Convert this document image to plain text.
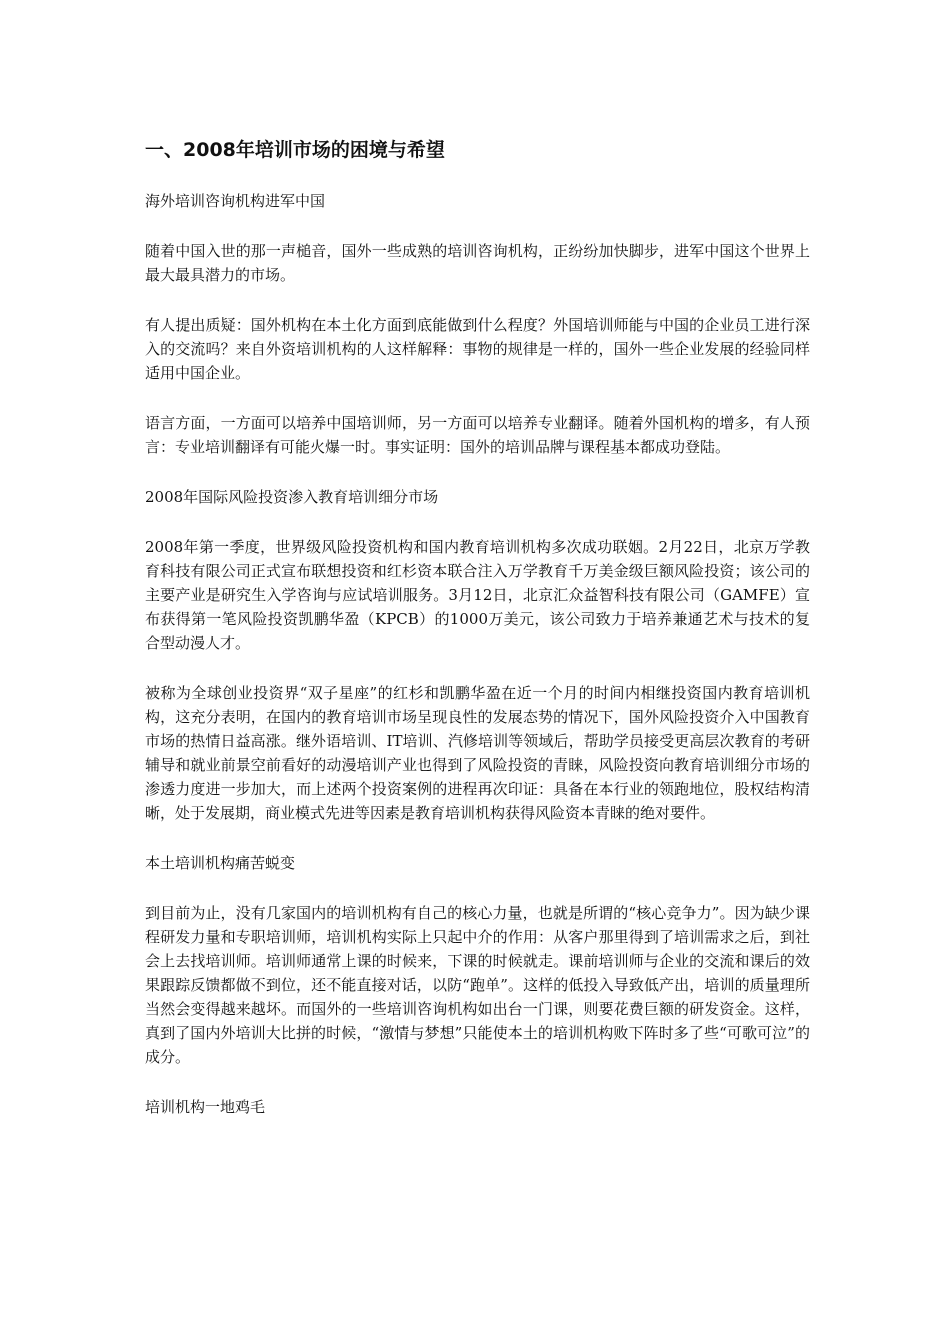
一、2008年培训市场的困境与希望

海外培训咨询机构进军中国

随着中国入世的那一声槌音，国外一些成熟的培训咨询机构，正纷纷加快脚步，进军中国这个世界上最大最具潜力的市场。

有人提出质疑：国外机构在本土化方面到底能做到什么程度？外国培训师能与中国的企业员工进行深入的交流吗？来自外资培训机构的人这样解释：事物的规律是一样的，国外一些企业发展的经验同样适用中国企业。

语言方面，一方面可以培养中国培训师，另一方面可以培养专业翻译。随着外国机构的增多，有人预言：专业培训翻译有可能火爆一时。事实证明：国外的培训品牌与课程基本都成功登陆。

2008年国际风险投资渗入教育培训细分市场

2008年第一季度，世界级风险投资机构和国内教育培训机构多次成功联姻。2月22日，北京万学教育科技有限公司正式宣布联想投资和红杉资本联合注入万学教育千万美金级巨额风险投资；该公司的主要产业是研究生入学咨询与应试培训服务。3月12日，北京汇众益智科技有限公司（GAMFE）宣布获得第一笔风险投资凯鹏华盈（KPCB）的1000万美元，该公司致力于培养兼通艺术与技术的复合型动漫人才。

被称为全球创业投资界“双子星座”的红杉和凯鹏华盈在近一个月的时间内相继投资国内教育培训机构，这充分表明，在国内的教育培训市场呈现良性的发展态势的情况下，国外风险投资介入中国教育市场的热情日益高涨。继外语培训、IT培训、汽修培训等领域后，帮助学员接受更高层次教育的考研辅导和就业前景空前看好的动漫培训产业也得到了风险投资的青睐，风险投资向教育培训细分市场的渗透力度进一步加大，而上述两个投资案例的进程再次印证：具备在本行业的领跑地位，股权结构清晰，处于发展期，商业模式先进等因素是教育培训机构获得风险资本青睐的绝对要件。

本土培训机构痛苦蜕变

到目前为止，没有几家国内的培训机构有自己的核心力量，也就是所谓的“核心竞争力”。因为缺少课程研发力量和专职培训师，培训机构实际上只起中介的作用：从客户那里得到了培训需求之后，到社会上去找培训师。培训师通常上课的时候来，下课的时候就走。课前培训师与企业的交流和课后的效果跟踪反馈都做不到位，还不能直接对话，以防“跑单”。这样的低投入导致低产出，培训的质量理所当然会变得越来越坏。而国外的一些培训咨询机构如出台一门课，则要花费巨额的研发资金。这样，真到了国内外培训大比拼的时候，“激情与梦想”只能使本土的培训机构败下阵时多了些“可歌可泣”的成分。

培训机构一地鸡毛
